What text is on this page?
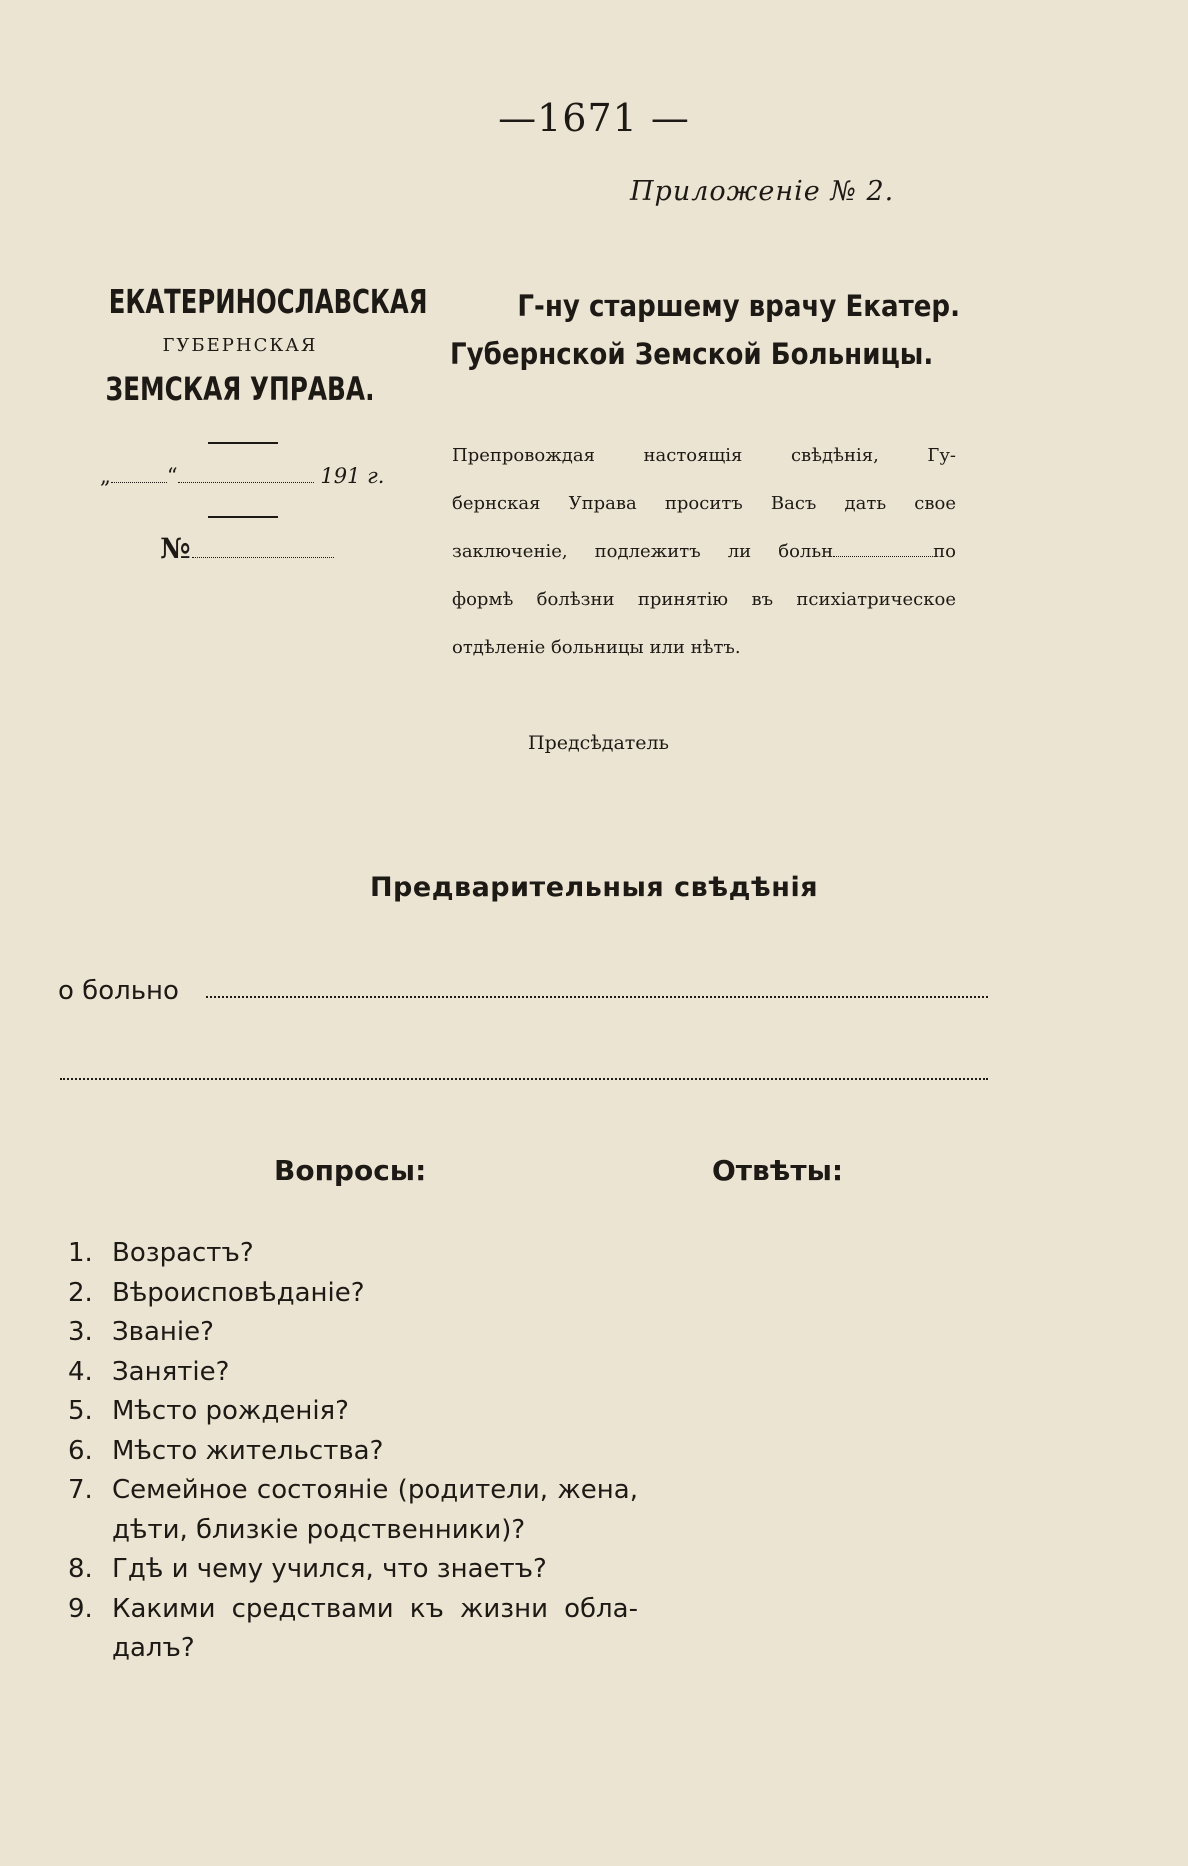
—1671 —
Приложеніе № 2.
ЕКАТЕРИНОСЛАВСКАЯ
ГУБЕРНСКАЯ
ЗЕМСКАЯ УПРАВА.
„	“	191 г.
№
Г-ну старшему врачу Екатер.
Губернской Земской Больницы.
Препровождая настоящія свѣдѣнія, Гу-
бернская Управа проситъ Васъ дать свое
заключеніе, подлежитъ ли больн	по
формѣ болѣзни принятію въ психіатрическое
отдѣленіе больницы или нѣтъ.
Предсѣдатель
Предварительныя свѣдѣнія
о больно
Вопросы:	Отвѣты:
1. Возрастъ?
2. Вѣроисповѣданіе?
3. Званіе?
4. Занятіе?
5. Мѣсто рожденія?
6. Мѣсто жительства?
7. Семейное состояніе (родители, жена,
дѣти, близкіе родственники)?
8. Гдѣ и чему учился, что знаетъ?
9. Какими средствами къ жизни обла-
далъ?
